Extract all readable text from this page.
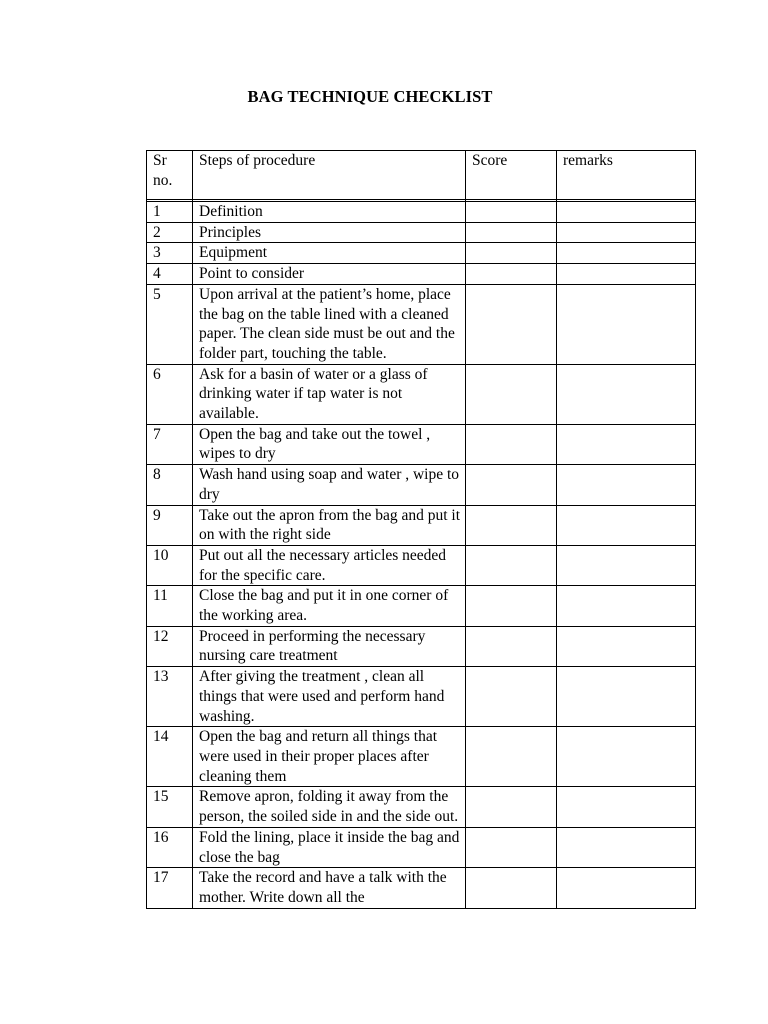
BAG TECHNIQUE CHECKLIST
Sr no.	Steps of procedure	Score	remarks

1	Definition		
2	Principles		
3	Equipment		
4	Point to consider		
5	Upon arrival at the patient’s home, place the bag on the table lined with a cleaned paper. The clean side must be out and the folder part, touching the table.		
6	Ask for a basin of water or a glass of drinking water if tap water is not available.		
7	Open the bag and take out the towel , wipes to dry		
8	Wash hand using soap and water , wipe to dry		
9	Take out the apron from the bag and put it on with the right side		
10	Put out all the necessary articles needed for the specific care.		
11	Close the bag and put it in one corner of the working area.		
12	Proceed in performing the necessary nursing care treatment		
13	After giving the treatment , clean all things that were used and perform hand washing.		
14	Open the bag and return all things that were used in their proper places after cleaning them		
15	Remove apron, folding it away from the person, the soiled side in and the side out.		
16	Fold the lining, place it inside the bag and close the bag		
17	Take the record and have a talk with the mother. Write down all the		
